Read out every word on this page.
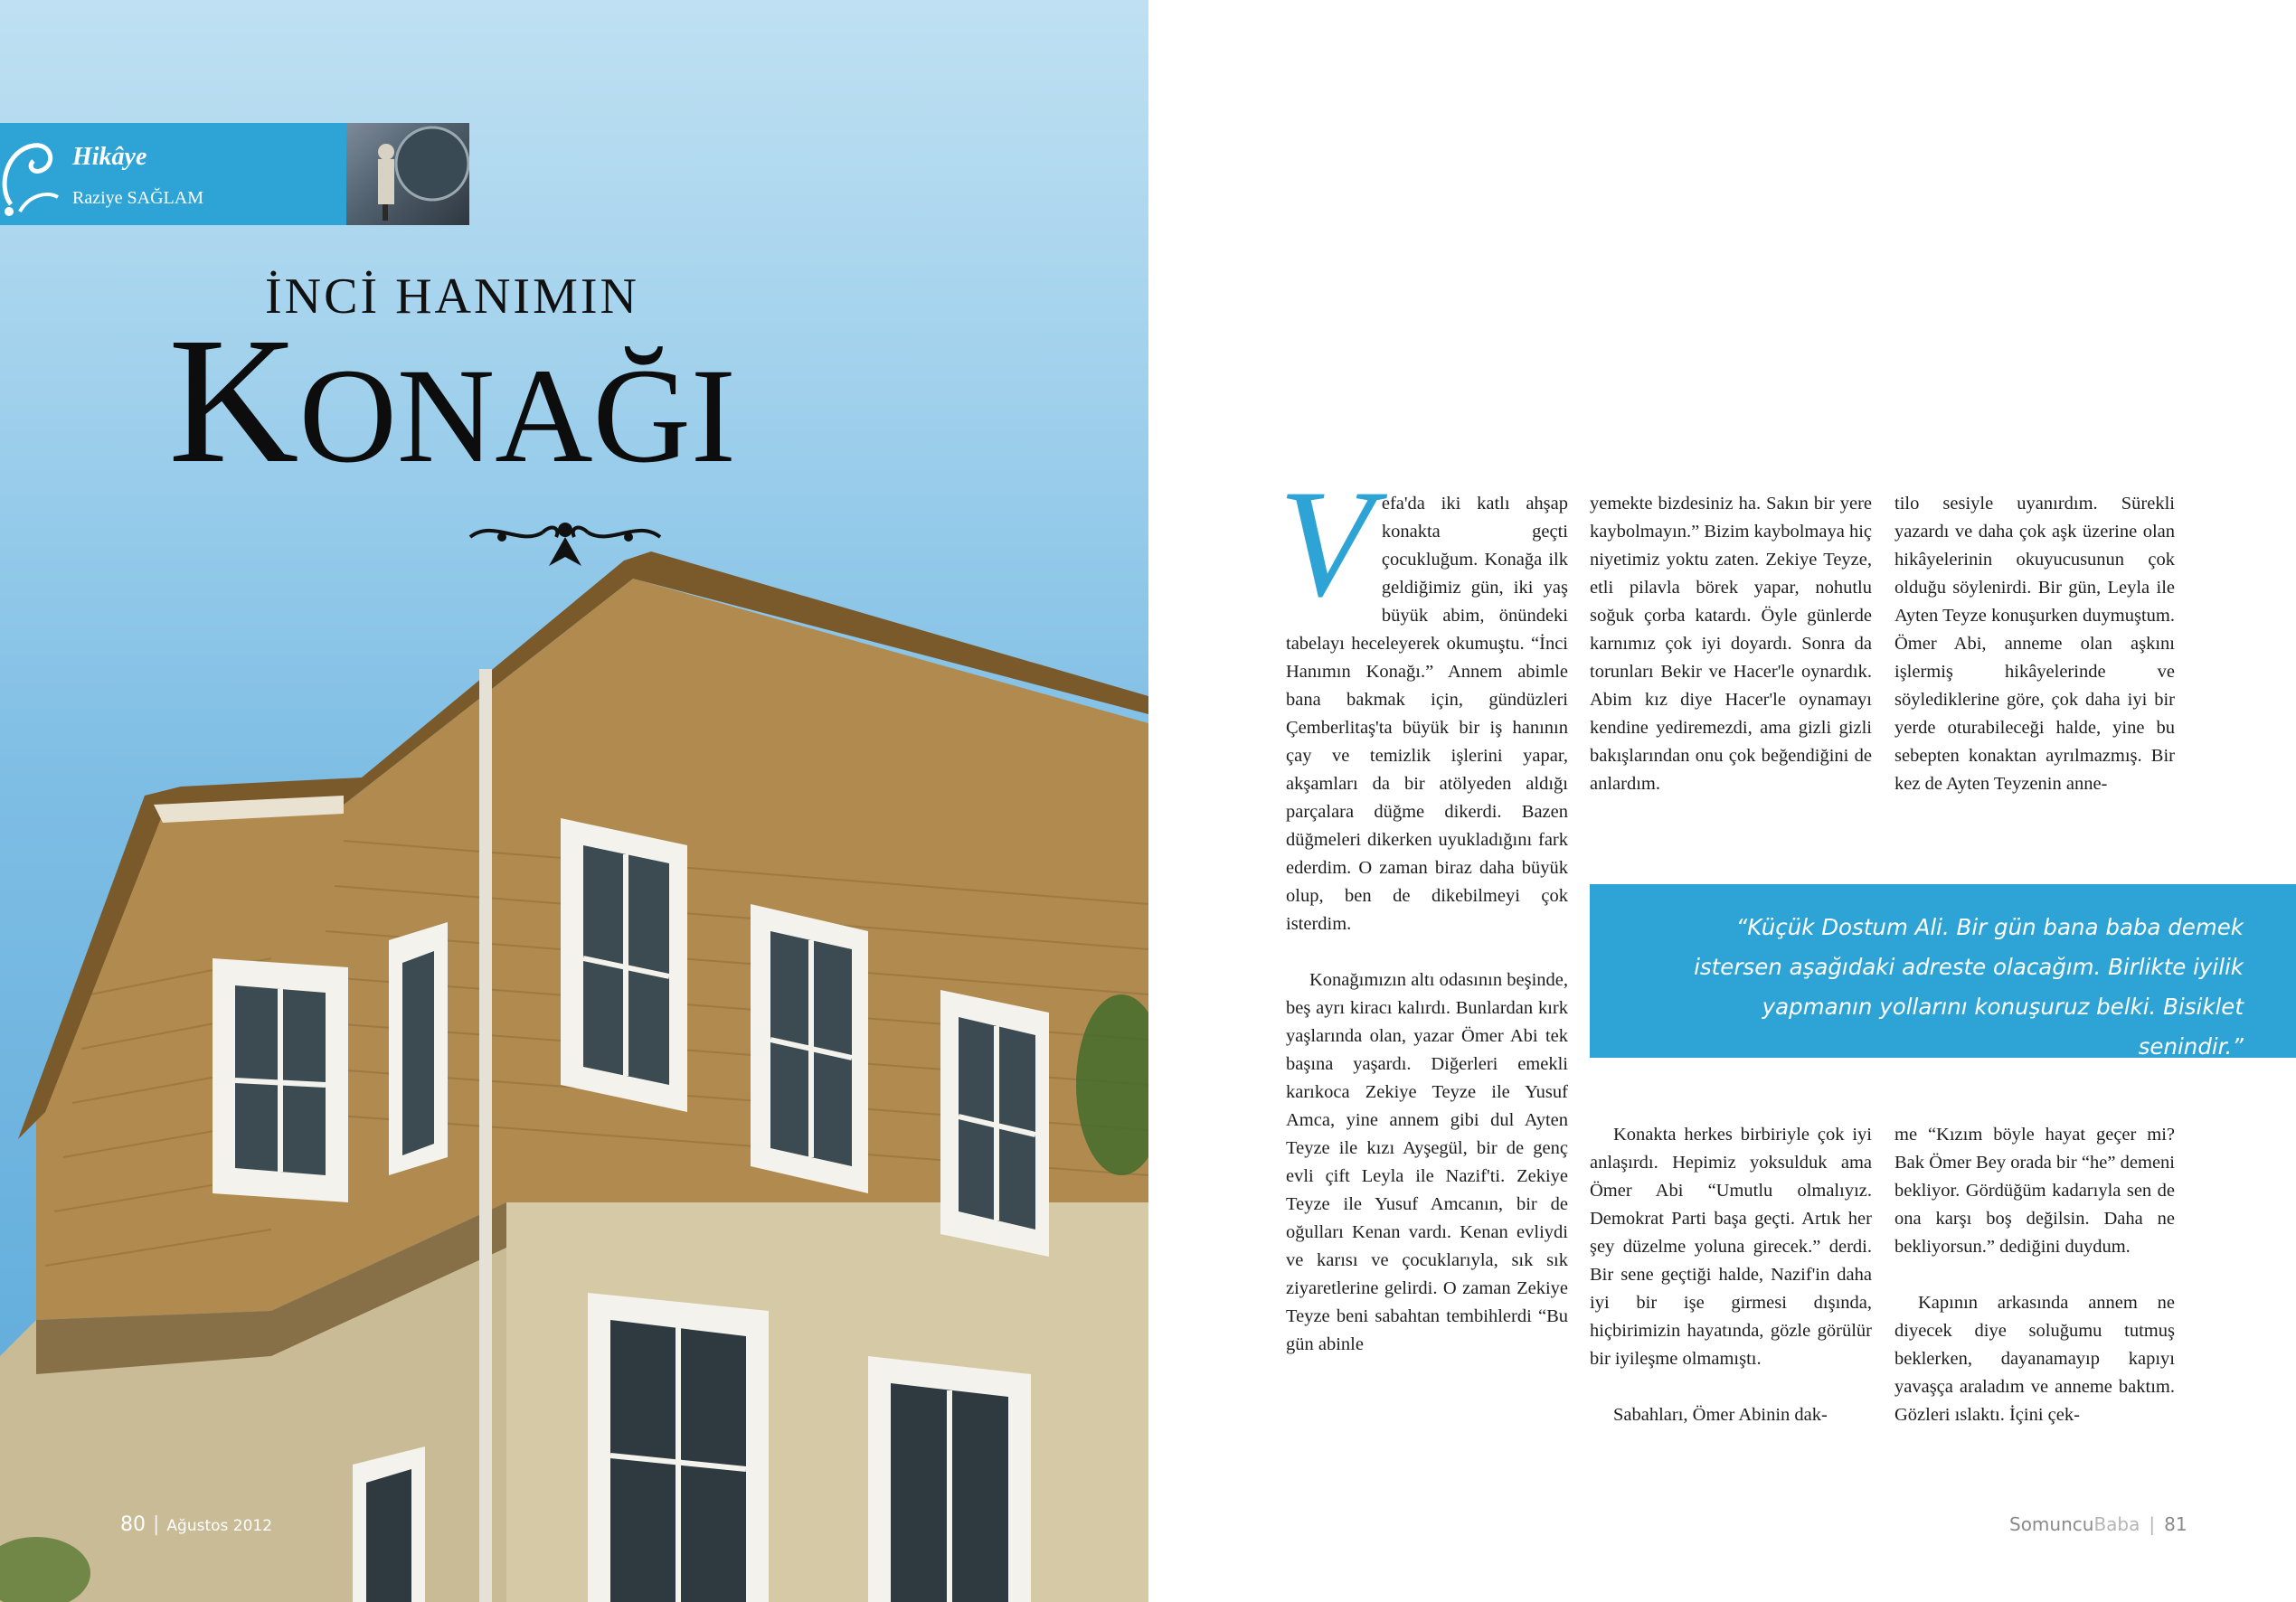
Hikâye
Raziye SAĞLAM
İNCİ HANIMIN
KONAĞI
80 | Ağustos 2012
V efa'da iki katlı ahşap konakta geçti çocukluğum. Konağa ilk geldiğimiz gün, iki yaş büyük abim, önündeki tabelayı heceleyerek okumuştu. “İnci Hanımın Konağı.” Annem abimle bana bakmak için, gündüzleri Çemberlitaş'ta büyük bir iş hanının çay ve temizlik işlerini yapar, akşamları da bir atölyeden aldığı parçalara düğme dikerdi. Bazen düğmeleri dikerken uyukladığını fark ederdim. O zaman biraz daha büyük olup, ben de dikebilmeyi çok isterdim.

Konağımızın altı odasının beşinde, beş ayrı kiracı kalırdı. Bunlardan kırk yaşlarında olan, yazar Ömer Abi tek başına yaşardı. Diğerleri emekli karıkoca Zekiye Teyze ile Yusuf Amca, yine annem gibi dul Ayten Teyze ile kızı Ayşegül, bir de genç evli çift Leyla ile Nazif'ti. Zekiye Teyze ile Yusuf Amcanın, bir de oğulları Kenan vardı. Kenan evliydi ve karısı ve çocuklarıyla, sık sık ziyaretlerine gelirdi. O zaman Zekiye Teyze beni sabahtan tembihlerdi “Bu gün abinle

yemekte bizdesiniz ha. Sakın bir yere kaybolmayın.” Bizim kaybolmaya hiç niyetimiz yoktu zaten. Zekiye Teyze, etli pilavla börek yapar, nohutlu soğuk çorba katardı. Öyle günlerde karnımız çok iyi doyardı. Sonra da torunları Bekir ve Hacer'le oynardık. Abim kız diye Hacer'le oynamayı kendine yediremezdi, ama gizli gizli bakışlarından onu çok beğendiğini de anlardım.

tilo sesiyle uyanırdım. Sürekli yazardı ve daha çok aşk üzerine olan hikâyelerinin okuyucusunun çok olduğu söylenirdi. Bir gün, Leyla ile Ayten Teyze konuşurken duymuştum. Ömer Abi, anneme olan aşkını işlermiş hikâyelerinde ve söylediklerine göre, çok daha iyi bir yerde oturabileceği halde, yine bu sebepten konaktan ayrılmazmış. Bir kez de Ayten Teyzenin anne-

“Küçük Dostum Ali. Bir gün bana baba demek istersen aşağıdaki adreste olacağım. Birlikte iyilik yapmanın yollarını konuşuruz belki. Bisiklet senindir.”

Konakta herkes birbiriyle çok iyi anlaşırdı. Hepimiz yoksulduk ama Ömer Abi “Umutlu olmalıyız. Demokrat Parti başa geçti. Artık her şey düzelme yoluna girecek.” derdi. Bir sene geçtiği halde, Nazif'in daha iyi bir işe girmesi dışında, hiçbirimizin hayatında, gözle görülür bir iyileşme olmamıştı.

Sabahları, Ömer Abinin dak-

me “Kızım böyle hayat geçer mi? Bak Ömer Bey orada bir “he” demeni bekliyor. Gördüğüm kadarıyla sen de ona karşı boş değilsin. Daha ne bekliyorsun.” dediğini duydum.

Kapının arkasında annem ne diyecek diye soluğumu tutmuş beklerken, dayanamayıp kapıyı yavaşça araladım ve anneme baktım. Gözleri ıslaktı. İçini çek-

SomuncuBaba | 81
